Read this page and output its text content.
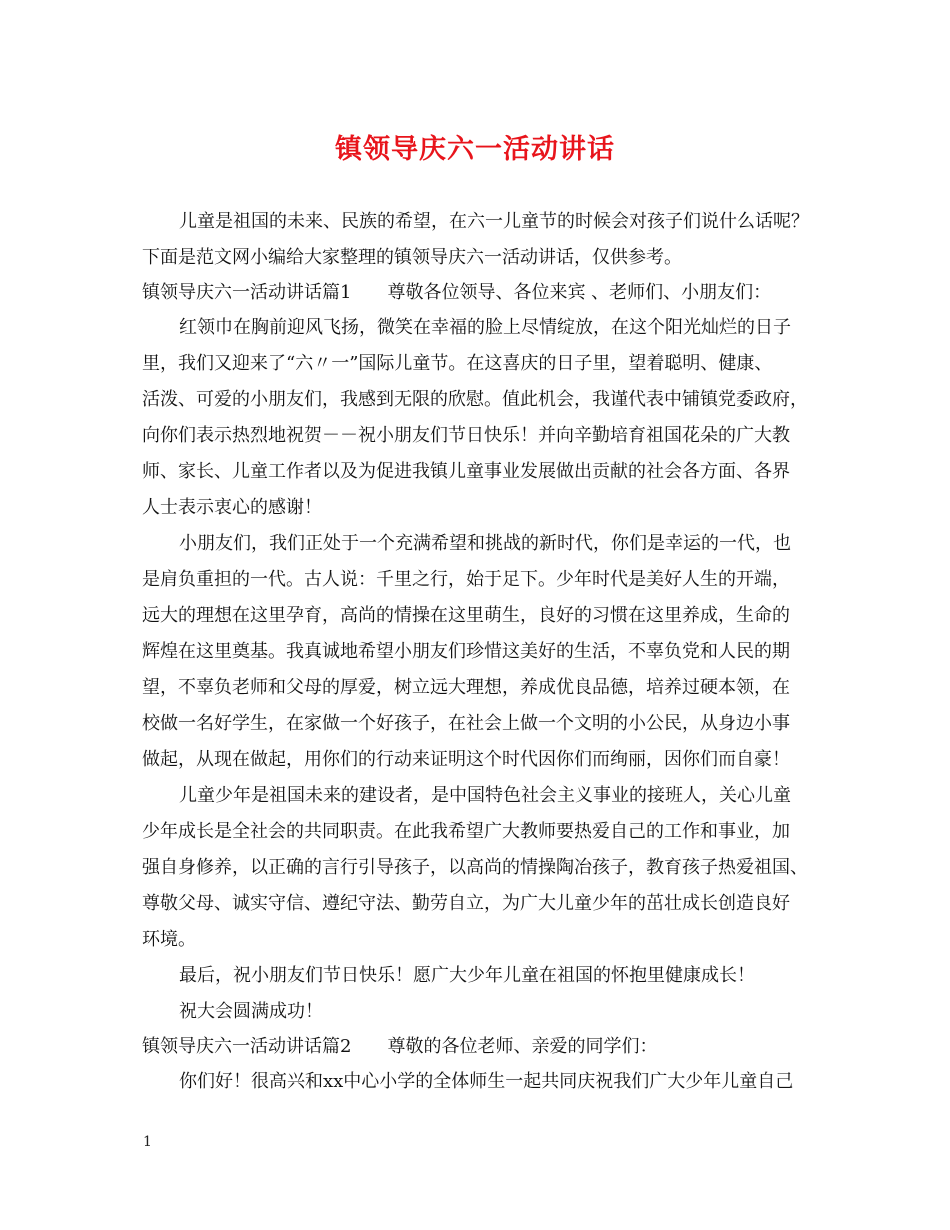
镇领导庆六一活动讲话
儿童是祖国的未来、民族的希望，在六一儿童节的时候会对孩子们说什么话呢？
下面是范文网小编给大家整理的镇领导庆六一活动讲话，仅供参考。
镇领导庆六一活动讲话篇1　　尊敬各位领导、各位来宾 、老师们、小朋友们：
红领巾在胸前迎风飞扬，微笑在幸福的脸上尽情绽放，在这个阳光灿烂的日子
里，我们又迎来了“六〃一”国际儿童节。在这喜庆的日子里，望着聪明、健康、
活泼、可爱的小朋友们，我感到无限的欣慰。值此机会，我谨代表中铺镇党委政府，
向你们表示热烈地祝贺－－祝小朋友们节日快乐！并向辛勤培育祖国花朵的广大教
师、家长、儿童工作者以及为促进我镇儿童事业发展做出贡献的社会各方面、各界
人士表示衷心的感谢！
小朋友们，我们正处于一个充满希望和挑战的新时代，你们是幸运的一代，也
是肩负重担的一代。古人说：千里之行，始于足下。少年时代是美好人生的开端，
远大的理想在这里孕育，高尚的情操在这里萌生，良好的习惯在这里养成，生命的
辉煌在这里奠基。我真诚地希望小朋友们珍惜这美好的生活，不辜负党和人民的期
望，不辜负老师和父母的厚爱，树立远大理想，养成优良品德，培养过硬本领，在
校做一名好学生，在家做一个好孩子，在社会上做一个文明的小公民，从身边小事
做起，从现在做起，用你们的行动来证明这个时代因你们而绚丽，因你们而自豪！
儿童少年是祖国未来的建设者，是中国特色社会主义事业的接班人，关心儿童
少年成长是全社会的共同职责。在此我希望广大教师要热爱自己的工作和事业，加
强自身修养，以正确的言行引导孩子，以高尚的情操陶冶孩子，教育孩子热爱祖国、
尊敬父母、诚实守信、遵纪守法、勤劳自立，为广大儿童少年的茁壮成长创造良好
环境。
最后，祝小朋友们节日快乐！愿广大少年儿童在祖国的怀抱里健康成长！
祝大会圆满成功！
镇领导庆六一活动讲话篇2　　尊敬的各位老师、亲爱的同学们：
你们好！很高兴和xx中心小学的全体师生一起共同庆祝我们广大少年儿童自己
1
